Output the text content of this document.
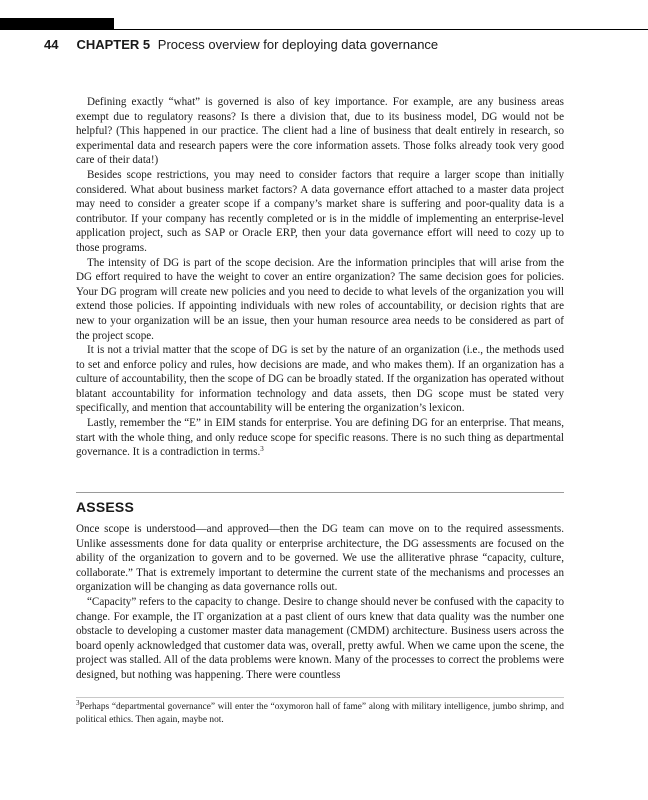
44 CHAPTER 5 Process overview for deploying data governance

Defining exactly “what” is governed is also of key importance. For example, are any business areas exempt due to regulatory reasons? Is there a division that, due to its business model, DG would not be helpful? (This happened in our practice. The client had a line of business that dealt entirely in research, so experimental data and research papers were the core information assets. Those folks already took very good care of their data!)

Besides scope restrictions, you may need to consider factors that require a larger scope than initially considered. What about business market factors? A data governance effort attached to a master data project may need to consider a greater scope if a company’s market share is suffering and poor-quality data is a contributor. If your company has recently completed or is in the middle of implementing an enterprise-level application project, such as SAP or Oracle ERP, then your data governance effort will need to cozy up to those programs.

The intensity of DG is part of the scope decision. Are the information principles that will arise from the DG effort required to have the weight to cover an entire organization? The same decision goes for policies. Your DG program will create new policies and you need to decide to what levels of the organization you will extend those policies. If appointing individuals with new roles of accountability, or decision rights that are new to your organization will be an issue, then your human resource area needs to be considered as part of the project scope.

It is not a trivial matter that the scope of DG is set by the nature of an organization (i.e., the methods used to set and enforce policy and rules, how decisions are made, and who makes them). If an organization has a culture of accountability, then the scope of DG can be broadly stated. If the organization has operated without blatant accountability for information technology and data assets, then DG scope must be stated very specifically, and mention that accountability will be entering the organization’s lexicon.

Lastly, remember the “E” in EIM stands for enterprise. You are defining DG for an enterprise. That means, start with the whole thing, and only reduce scope for specific reasons. There is no such thing as departmental governance. It is a contradiction in terms.$^3$

ASSESS

Once scope is understood—and approved—then the DG team can move on to the required assessments. Unlike assessments done for data quality or enterprise architecture, the DG assessments are focused on the ability of the organization to govern and to be governed. We use the alliterative phrase “capacity, culture, collaborate.” That is extremely important to determine the current state of the mechanisms and processes an organization will be changing as data governance rolls out.

“Capacity” refers to the capacity to change. Desire to change should never be confused with the capacity to change. For example, the IT organization at a past client of ours knew that data quality was the number one obstacle to developing a customer master data management (CMDM) architecture. Business users across the board openly acknowledged that customer data was, overall, pretty awful. When we came upon the scene, the project was stalled. All of the data problems were known. Many of the processes to correct the problems were designed, but nothing was happening. There were countless

$^3$Perhaps “departmental governance” will enter the “oxymoron hall of fame” along with military intelligence, jumbo shrimp, and political ethics. Then again, maybe not.
